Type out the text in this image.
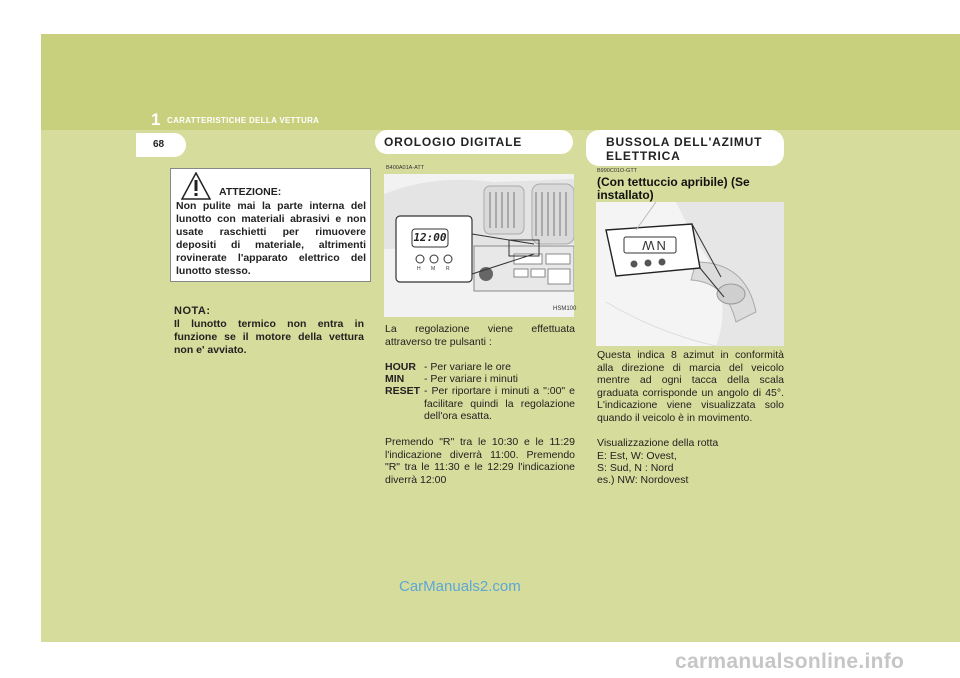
1 CARATTERISTICHE DELLA VETTURA
68
ATTEZIONE:
Non pulite mai la parte interna del lunotto con materiali abrasivi e non usate raschietti per rimuovere depositi di materiale, altrimenti rovinerate l'apparato elettrico del lunotto stesso.
NOTA:
Il lunotto termico non entra in funzione se il motore della vettura non e' avviato.
OROLOGIO DIGITALE
B400A01A-ATT
12:00
H M R
HSM100
La regolazione viene effettuata attraverso tre pulsanti :
HOUR - Per variare le ore
MIN - Per variare i minuti
RESET - Per riportare i minuti a ":00" e facilitare quindi la regolazione dell'ora esatta.
Premendo "R" tra le 10:30 e le 11:29 l'indicazione diverrà 11:00. Premendo "R" tra le 11:30 e le 12:29 l'indicazione diverrà 12:00
BUSSOLA DELL'AZIMUT ELETTRICA
B990C01O-GTT
(Con tettuccio apribile) (Se installato)
NW
Questa indica 8 azimut in conformità alla direzione di marcia del veicolo mentre ad ogni tacca della scala graduata corrisponde un angolo di 45°. L'indicazione viene visualizzata solo quando il veicolo è in movimento.
Visualizzazione della rotta
E: Est, W: Ovest,
S: Sud, N : Nord
es.) NW: Nordovest
CarManuals2.com
carmanualsonline.info
